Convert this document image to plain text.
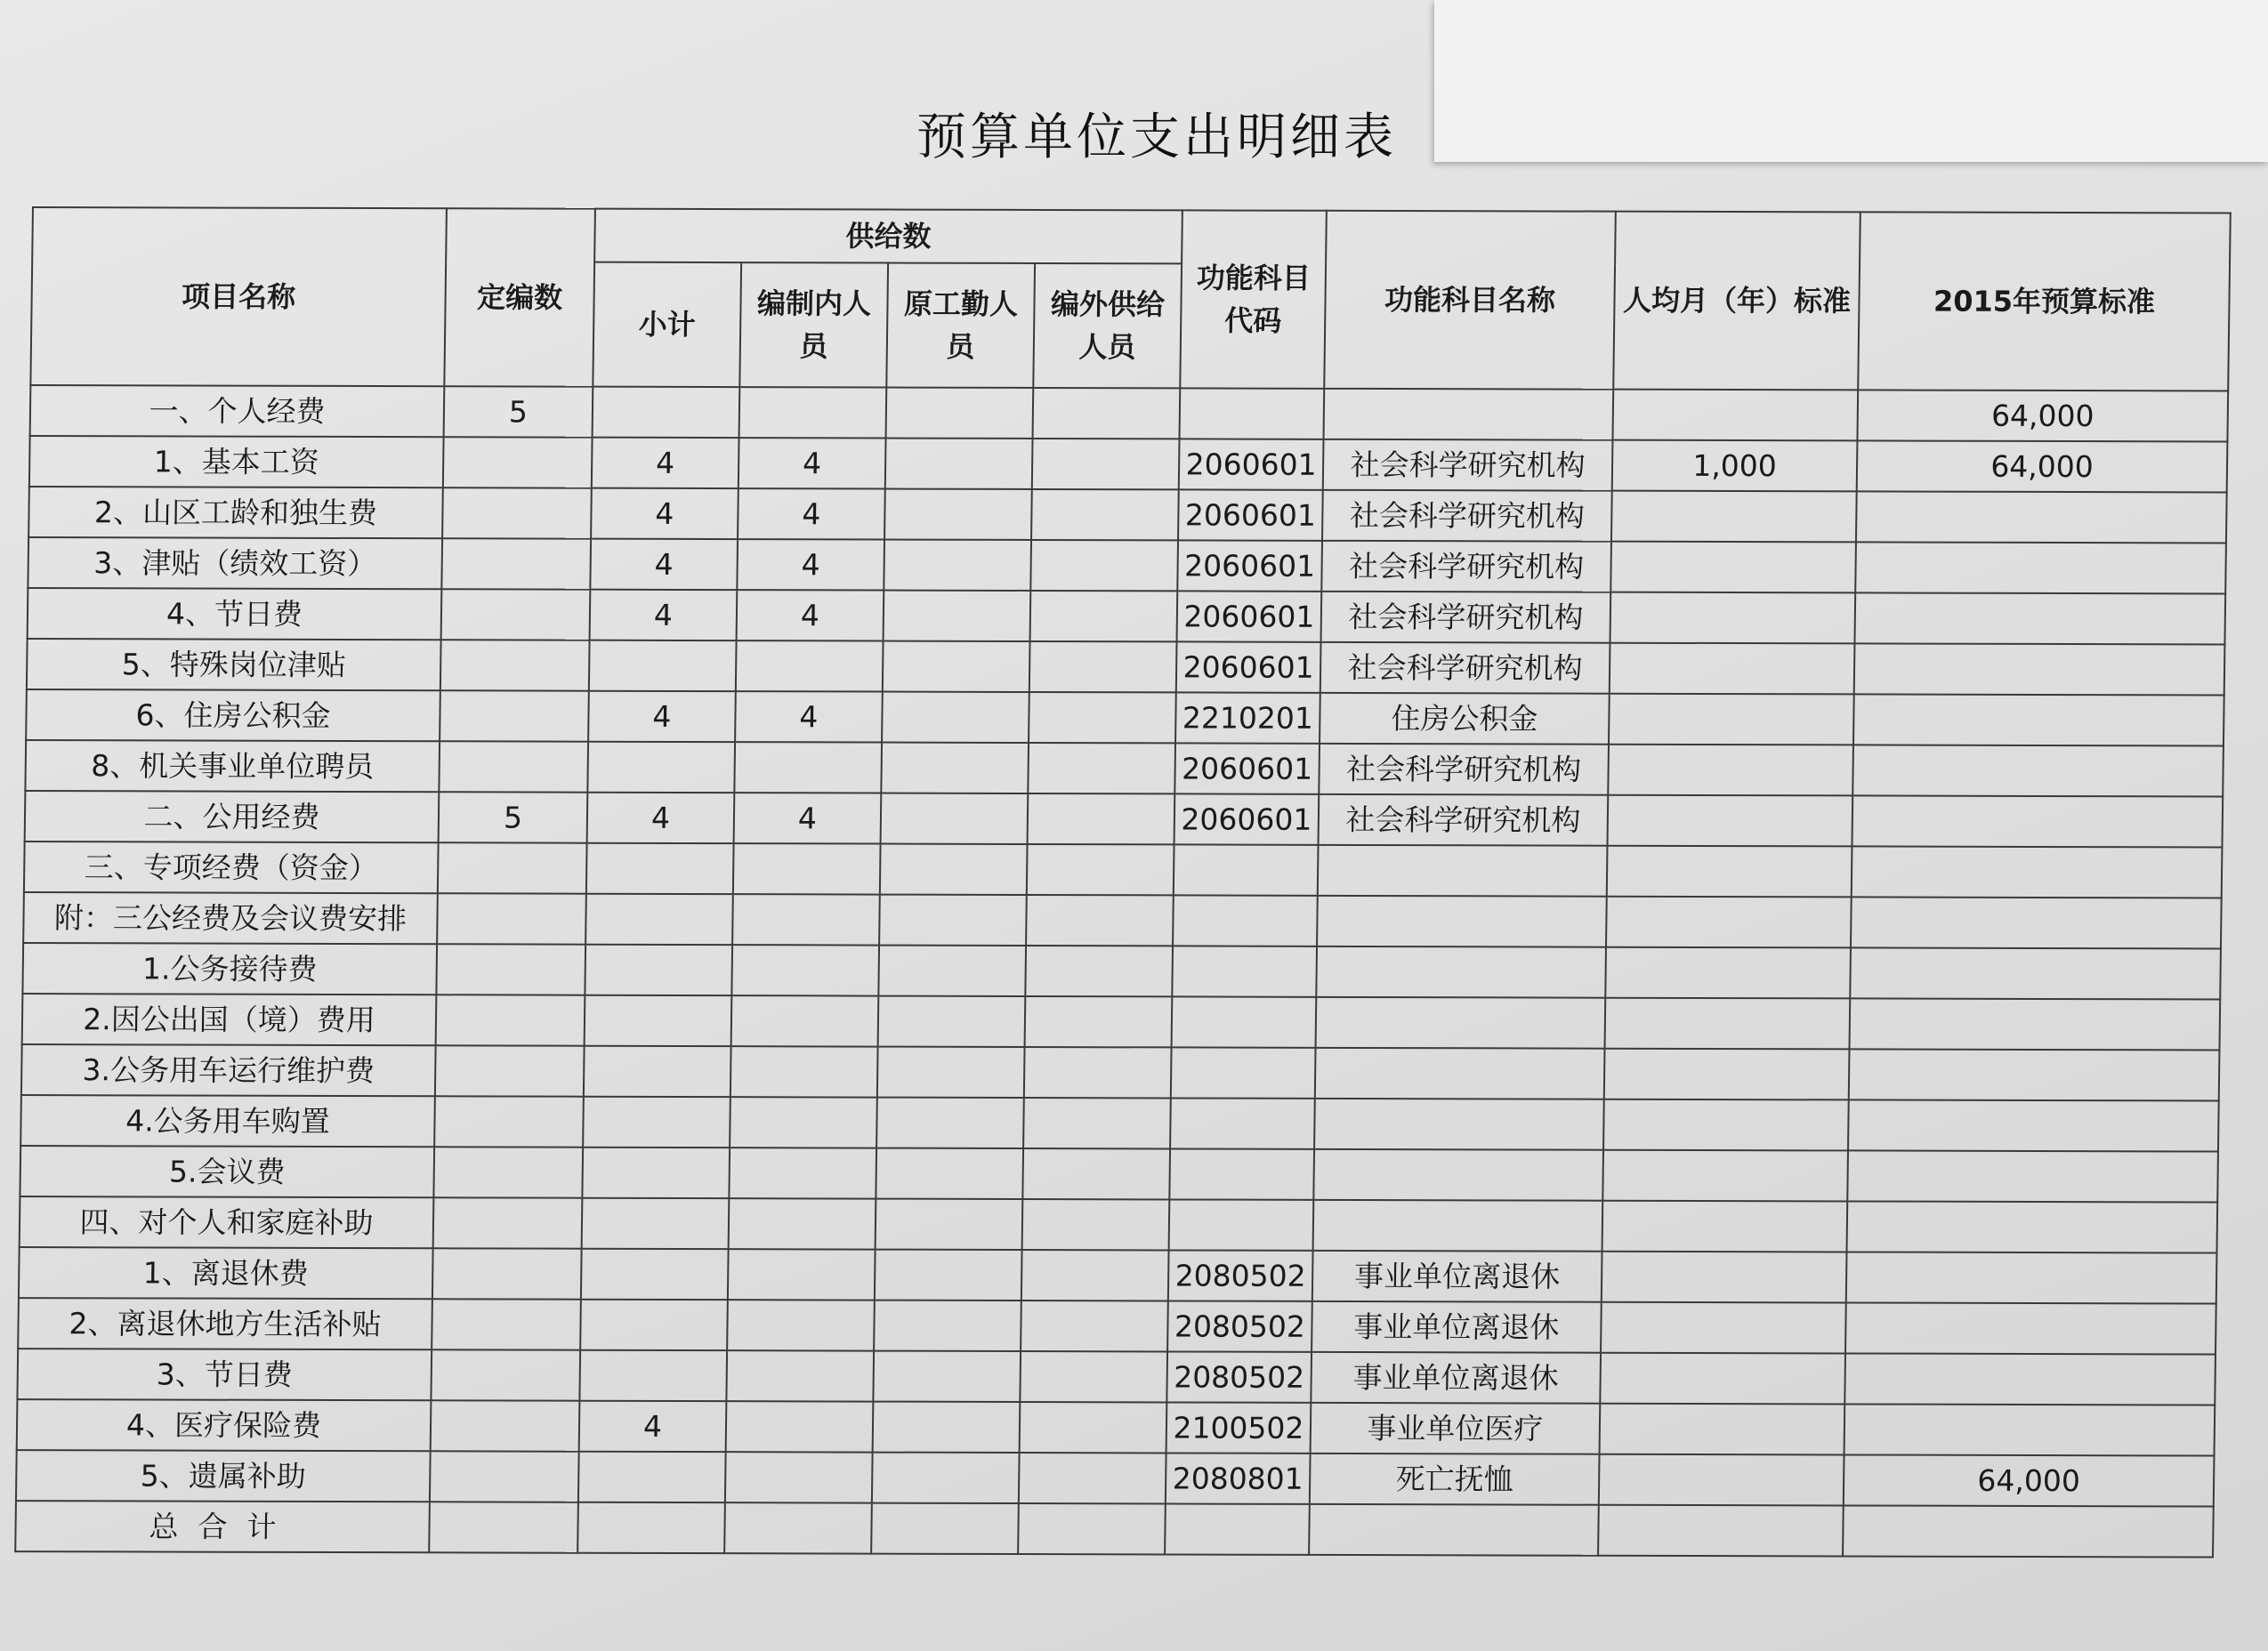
预算单位支出明细表
项目名称	定编数	供给数				功能科目代码	功能科目名称	人均月（年）标准	2015年预算标准
		小计	编制内人员	原工勤人员	编外供给人员				
一、个人经费	5								64,000
1、基本工资		4	4			2060601	社会科学研究机构	1,000	64,000
2、山区工龄和独生费		4	4			2060601	社会科学研究机构		
3、津贴（绩效工资）		4	4			2060601	社会科学研究机构		
4、节日费		4	4			2060601	社会科学研究机构		
5、特殊岗位津贴						2060601	社会科学研究机构		
6、住房公积金		4	4			2210201	住房公积金		
8、机关事业单位聘员						2060601	社会科学研究机构		
二、公用经费	5	4	4			2060601	社会科学研究机构		
三、专项经费（资金）									
附：三公经费及会议费安排									
1.公务接待费									
2.因公出国（境）费用									
3.公务用车运行维护费									
4.公务用车购置									
5.会议费									
四、对个人和家庭补助									
1、离退休费						2080502	事业单位离退休		
2、离退休地方生活补贴						2080502	事业单位离退休		
3、节日费						2080502	事业单位离退休		
4、医疗保险费		4				2100502	事业单位医疗		
5、遗属补助						2080801	死亡抚恤		64,000
总合计									
